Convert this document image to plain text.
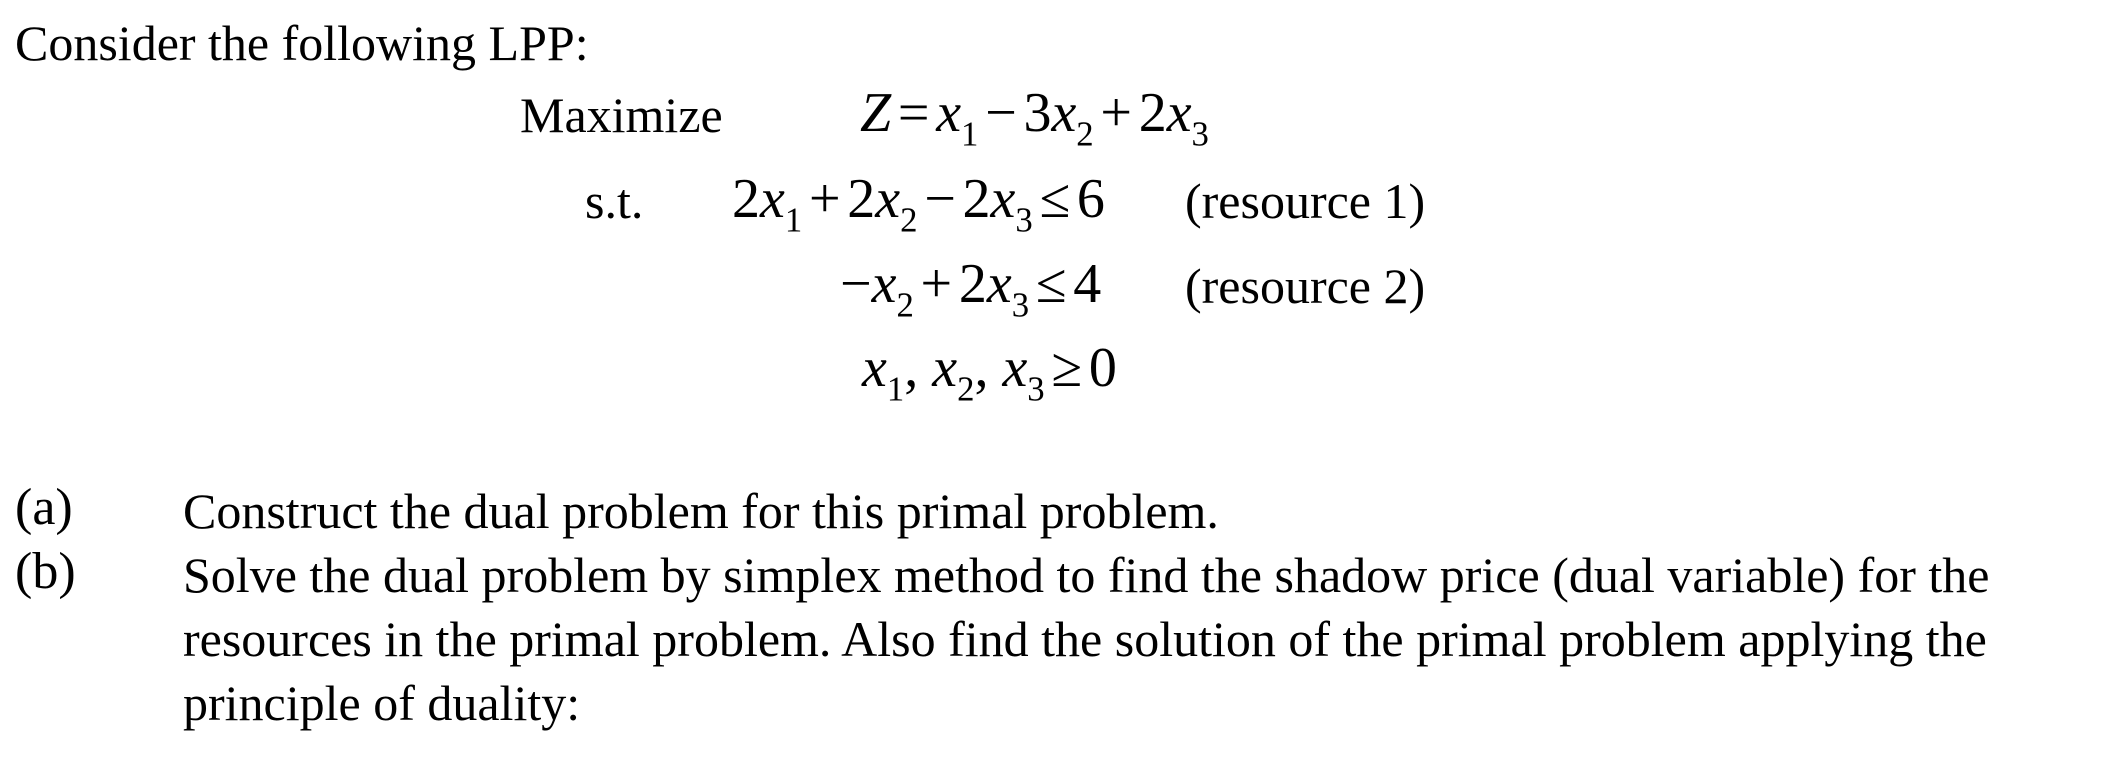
Consider the following LPP:
Maximize $Z = x_1 - 3x_2 + 2x_3$
s.t. $2x_1 + 2x_2 - 2x_3 \le 6$ (resource 1)
$-x_2 + 2x_3 \le 4$ (resource 2)
$x_1$, $x_2$, $x_3 \ge 0$
(a) Construct the dual problem for this primal problem.
(b) Solve the dual problem by simplex method to find the shadow price (dual variable) for the resources in the primal problem. Also find the solution of the primal problem applying the principle of duality:
